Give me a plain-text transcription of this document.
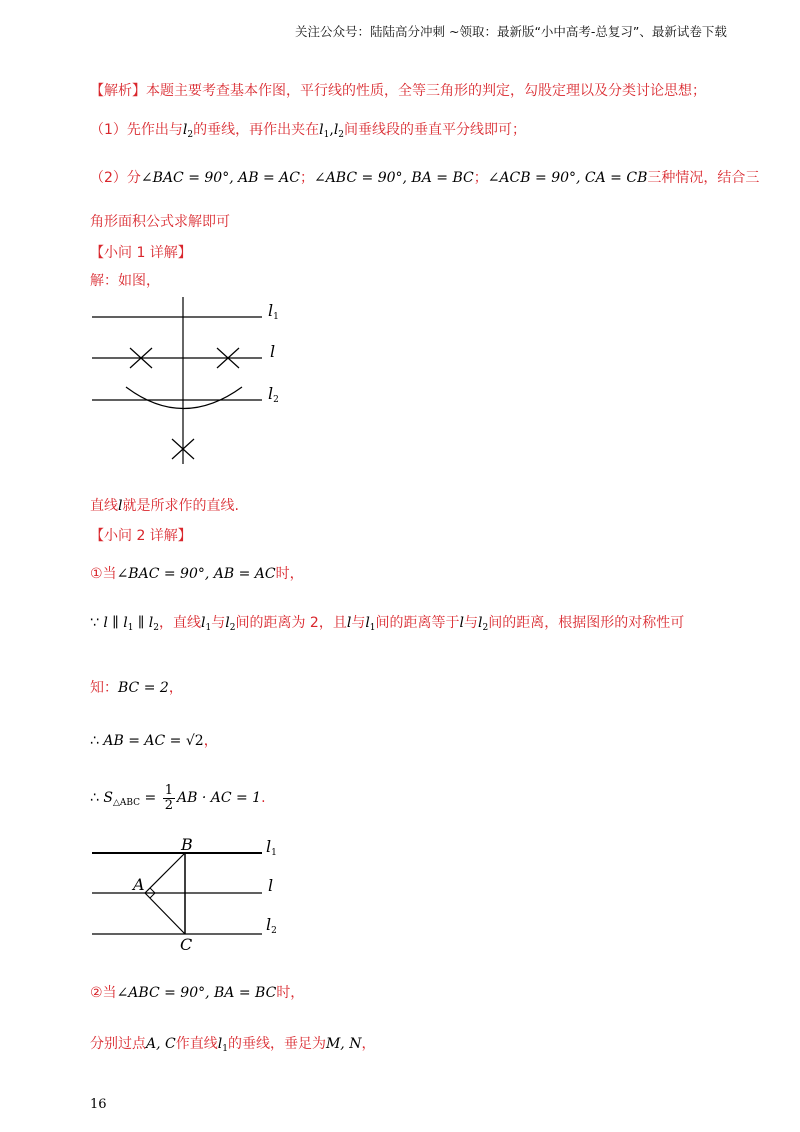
关注公众号：陆陆高分冲刺 ~领取：最新版“小中高考-总复习”、最新试卷下载
【解析】本题主要考查基本作图，平行线的性质，全等三角形的判定，勾股定理以及分类讨论思想；
（1）先作出与$l_2$的垂线，再作出夹在$l_1,l_2$间垂线段的垂直平分线即可；
（2）分∠BAC = 90°, AB = AC；∠ABC = 90°, BA = BC；∠ACB = 90°, CA = CB三种情况，结合三
角形面积公式求解即可
【小问 1 详解】
解：如图，
l1
l
l2
直线l就是所求作的直线.
【小问 2 详解】
①当∠BAC = 90°, AB = AC时，
∵ l ∥ $l_1$ ∥ $l_2$，直线$l_1$与$l_2$间的距离为 2，且l与$l_1$间的距离等于l与$l_2$间的距离，根据图形的对称性可
知：BC = 2，
∴ AB = AC = √2，
∴ $S_{\triangle ABC} = \frac{1}{2}$ AB · AC = 1.
B
A
C
l1
l
l2
②当∠ABC = 90°, BA = BC时，
分别过点A, C作直线$l_1$的垂线，垂足为M, N，
16
